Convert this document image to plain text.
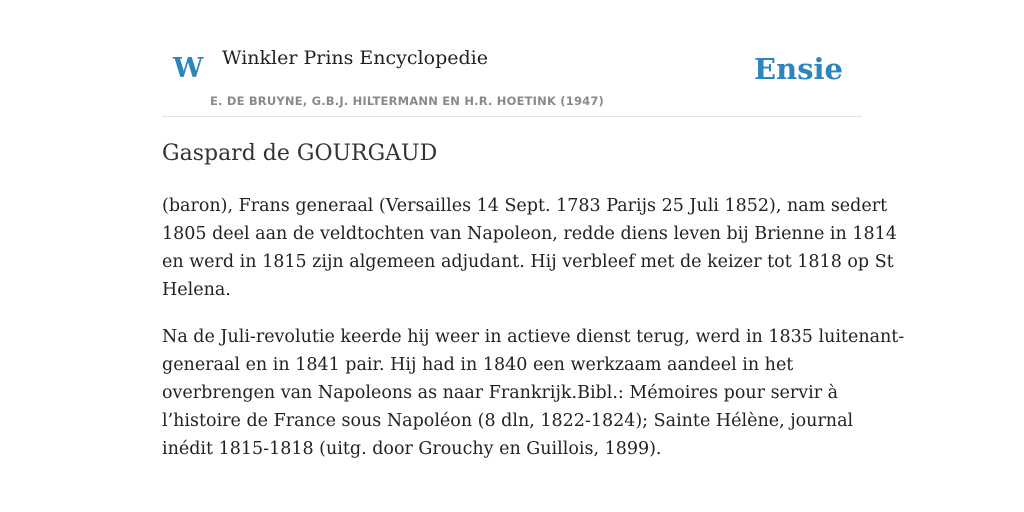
W Winkler Prins Encyclopedie
E. DE BRUYNE, G.B.J. HILTERMANN EN H.R. HOETINK (1947)
Ensie
Gaspard de GOURGAUD

(baron), Frans generaal (Versailles 14 Sept. 1783 Parijs 25 Juli 1852), nam sedert
1805 deel aan de veldtochten van Napoleon, redde diens leven bij Brienne in 1814
en werd in 1815 zijn algemeen adjudant. Hij verbleef met de keizer tot 1818 op St
Helena.

Na de Juli-revolutie keerde hij weer in actieve dienst terug, werd in 1835 luitenant-
generaal en in 1841 pair. Hij had in 1840 een werkzaam aandeel in het
overbrengen van Napoleons as naar Frankrijk.Bibl.: Mémoires pour servir à
l’histoire de France sous Napoléon (8 dln, 1822-1824); Sainte Hélène, journal
inédit 1815-1818 (uitg. door Grouchy en Guillois, 1899).
